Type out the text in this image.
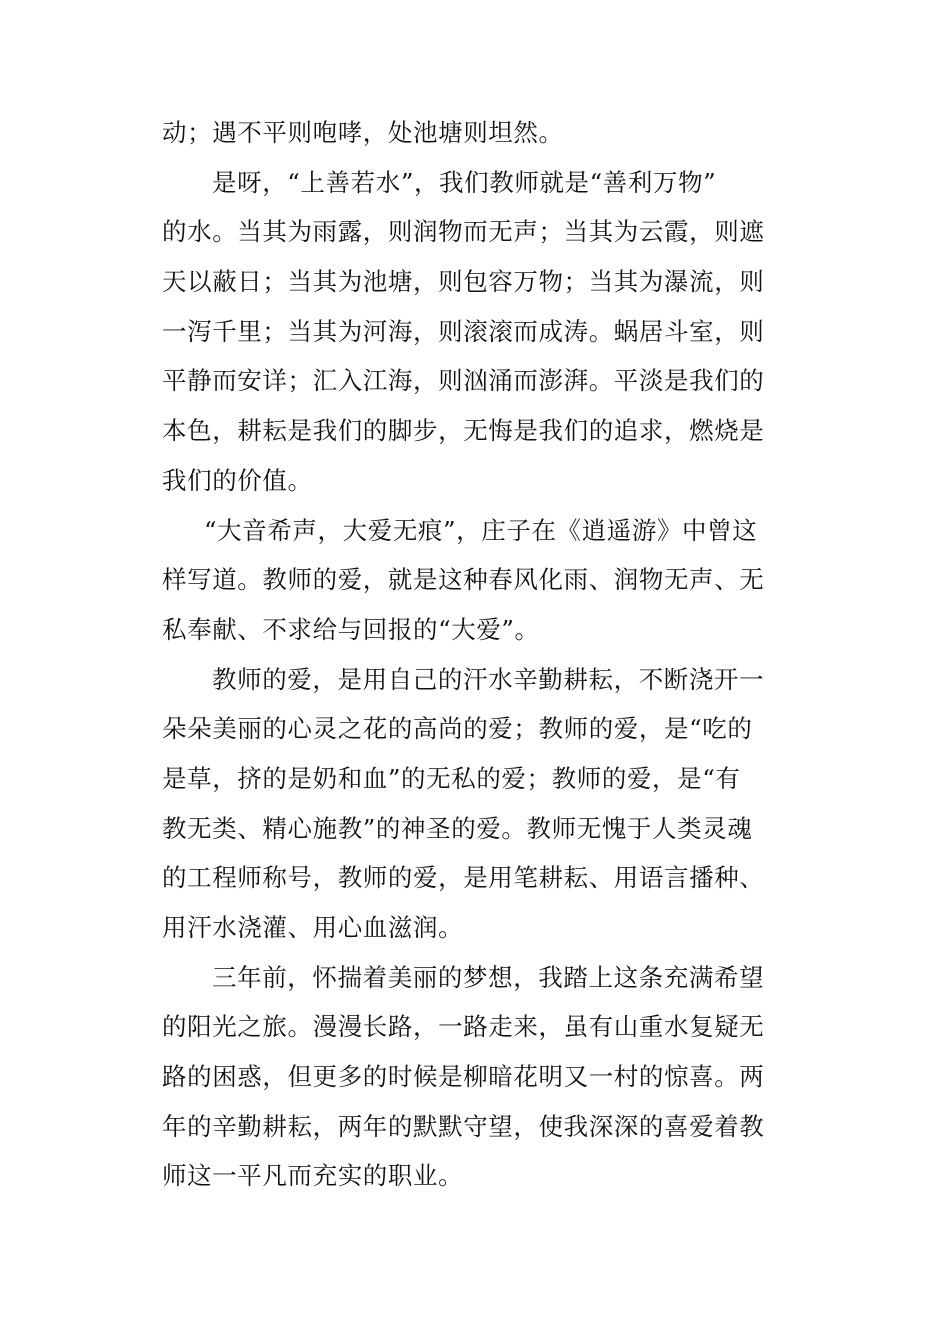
动；遇不平则咆哮，处池塘则坦然。
是呀，“上善若水”，我们教师就是“善利万物”
的水。当其为雨露，则润物而无声；当其为云霞，则遮
天以蔽日；当其为池塘，则包容万物；当其为瀑流，则
一泻千里；当其为河海，则滚滚而成涛。蜗居斗室，则
平静而安详；汇入江海，则汹涌而澎湃。平淡是我们的
本色，耕耘是我们的脚步，无悔是我们的追求，燃烧是
我们的价值。
“大音希声，大爱无痕”，庄子在《逍遥游》中曾这
样写道。教师的爱，就是这种春风化雨、润物无声、无
私奉献、不求给与回报的“大爱”。
教师的爱，是用自己的汗水辛勤耕耘，不断浇开一
朵朵美丽的心灵之花的高尚的爱；教师的爱，是“吃的
是草，挤的是奶和血”的无私的爱；教师的爱，是“有
教无类、精心施教”的神圣的爱。教师无愧于人类灵魂
的工程师称号，教师的爱，是用笔耕耘、用语言播种、
用汗水浇灌、用心血滋润。
三年前，怀揣着美丽的梦想，我踏上这条充满希望
的阳光之旅。漫漫长路，一路走来，虽有山重水复疑无
路的困惑，但更多的时候是柳暗花明又一村的惊喜。两
年的辛勤耕耘，两年的默默守望，使我深深的喜爱着教
师这一平凡而充实的职业。
